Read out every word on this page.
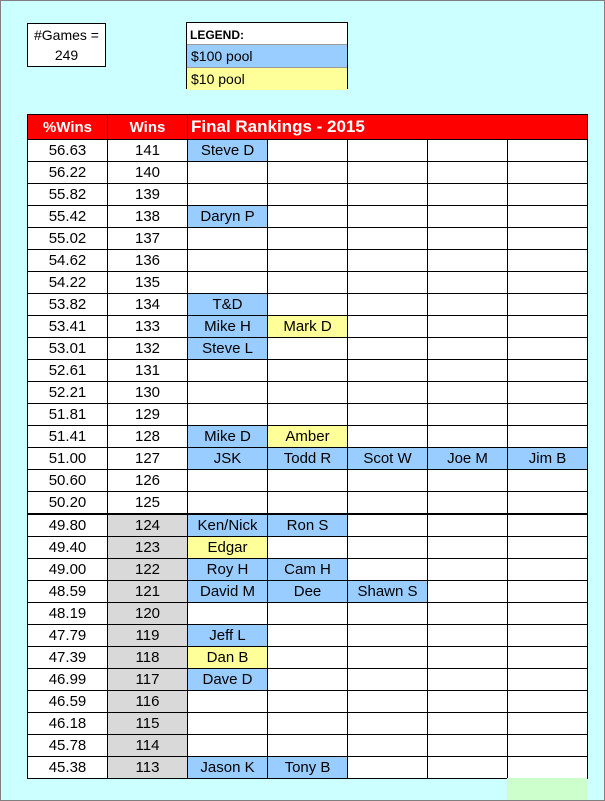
#Games =
249
LEGEND:
$100 pool
$10 pool
%Wins	Wins	Final Rankings - 2015				
56.63	141	Steve D				
56.22	140					
55.82	139					
55.42	138	Daryn P				
55.02	137					
54.62	136					
54.22	135					
53.82	134	T&D				
53.41	133	Mike H	Mark D			
53.01	132	Steve L				
52.61	131					
52.21	130					
51.81	129					
51.41	128	Mike D	Amber			
51.00	127	JSK	Todd R	Scot W	Joe M	Jim B
50.60	126					
50.20	125					
49.80	124	Ken/Nick	Ron S			
49.40	123	Edgar				
49.00	122	Roy H	Cam H			
48.59	121	David M	Dee	Shawn S		
48.19	120					
47.79	119	Jeff L				
47.39	118	Dan B				
46.99	117	Dave D				
46.59	116					
46.18	115					
45.78	114					
45.38	113	Jason K	Tony B			
